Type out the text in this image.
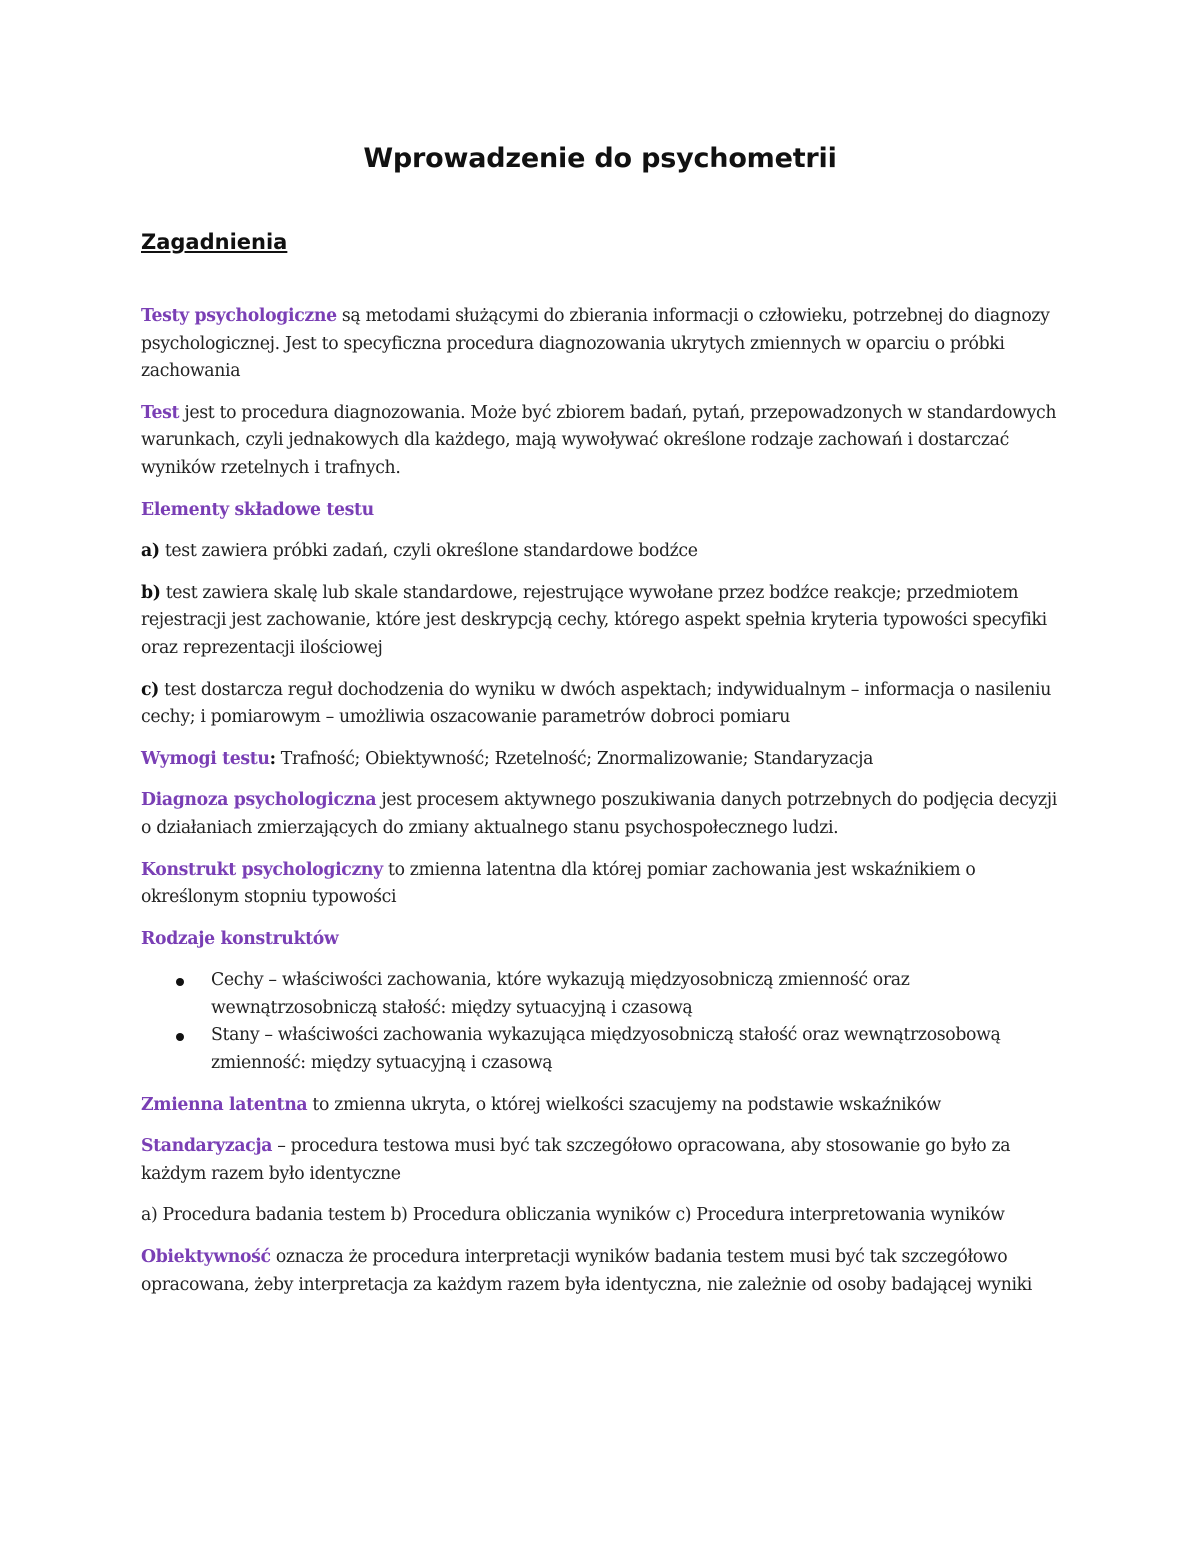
Wprowadzenie do psychometrii
Zagadnienia

Testy psychologiczne są metodami służącymi do zbierania informacji o człowieku, potrzebnej do diagnozy psychologicznej. Jest to specyficzna procedura diagnozowania ukrytych zmiennych w oparciu o próbki zachowania

Test jest to procedura diagnozowania. Może być zbiorem badań, pytań, przepowadzonych w standardowych warunkach, czyli jednakowych dla każdego, mają wywoływać określone rodzaje zachowań i dostarczać wyników rzetelnych i trafnych.

Elementy składowe testu

a) test zawiera próbki zadań, czyli określone standardowe bodźce

b) test zawiera skalę lub skale standardowe, rejestrujące wywołane przez bodźce reakcje; przedmiotem rejestracji jest zachowanie, które jest deskrypcją cechy, którego aspekt spełnia kryteria typowości specyfiki oraz reprezentacji ilościowej

c) test dostarcza reguł dochodzenia do wyniku w dwóch aspektach; indywidualnym – informacja o nasileniu cechy; i pomiarowym – umożliwia oszacowanie parametrów dobroci pomiaru

Wymogi testu: Trafność; Obiektywność; Rzetelność; Znormalizowanie; Standaryzacja

Diagnoza psychologiczna jest procesem aktywnego poszukiwania danych potrzebnych do podjęcia decyzji o działaniach zmierzających do zmiany aktualnego stanu psychospołecznego ludzi.

Konstrukt psychologiczny to zmienna latentna dla której pomiar zachowania jest wskaźnikiem o określonym stopniu typowości

Rodzaje konstruktów

Cechy – właściwości zachowania, które wykazują międzyosobniczą zmienność oraz wewnątrzosobniczą stałość: między sytuacyjną i czasową
Stany – właściwości zachowania wykazująca międzyosobniczą stałość oraz wewnątrzosobową zmienność: między sytuacyjną i czasową

Zmienna latentna to zmienna ukryta, o której wielkości szacujemy na podstawie wskaźników

Standaryzacja – procedura testowa musi być tak szczegółowo opracowana, aby stosowanie go było za każdym razem było identyczne

a) Procedura badania testem b) Procedura obliczania wyników c) Procedura interpretowania wyników

Obiektywność oznacza że procedura interpretacji wyników badania testem musi być tak szczegółowo opracowana, żeby interpretacja za każdym razem była identyczna, nie zależnie od osoby badającej wyniki
